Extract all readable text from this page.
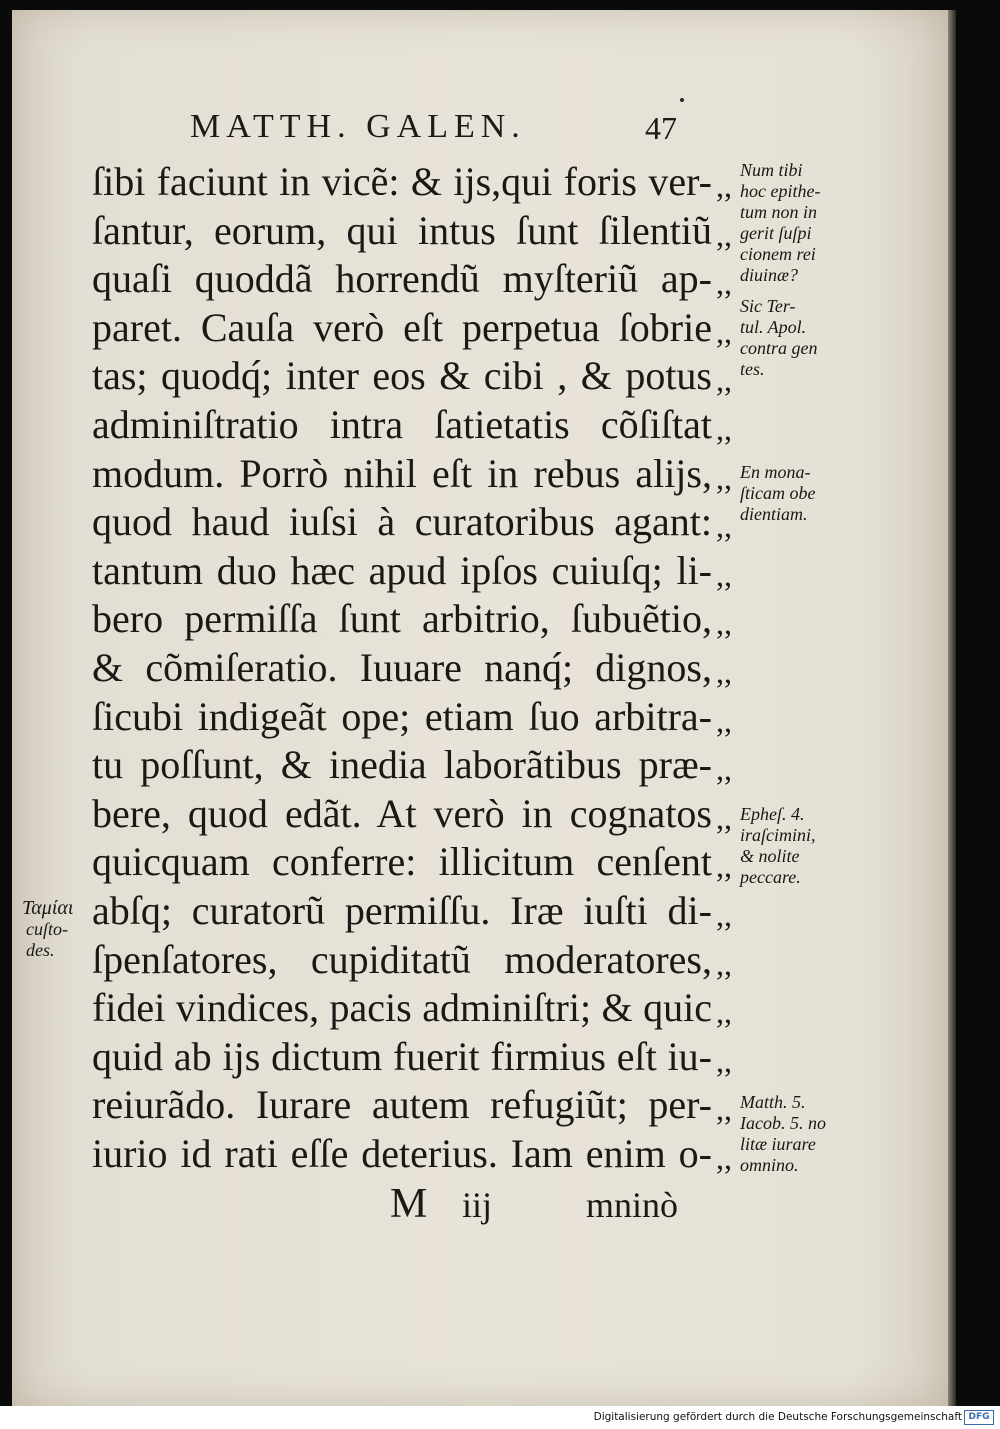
MATTH. GALEN.	47
ſibi faciunt in vicẽ: & ijs,qui foris ver-
ſantur, eorum, qui intus ſunt ſilentiũ
quaſi quoddã horrendũ myſteriũ ap-
paret. Cauſa verò eſt perpetua ſobrie
tas; quodq́; inter eos & cibi , & potus
adminiſtratio intra ſatietatis cõſiſtat
modum. Porrò nihil eſt in rebus alijs,
quod haud iuſsi à curatoribus agant:
tantum duo hæc apud ipſos cuiuſq; li-
bero permiſſa ſunt arbitrio, ſubuẽtio,
& cõmiſeratio. Iuuare nanq́; dignos,
ſicubi indigeãt ope; etiam ſuo arbitra-
tu poſſunt, & inedia laborãtibus præ-
bere, quod edãt. At verò in cognatos
quicquam conferre: illicitum cenſent
abſq; curatorũ permiſſu. Iræ iuſti di-
ſpenſatores, cupiditatũ moderatores,
fidei vindices, pacis adminiſtri; & quic
quid ab ijs dictum fuerit firmius eſt iu-
reiurãdo. Iurare autem refugiũt; per-
iurio id rati eſſe deterius. Iam enim o-
,,
,,
,,
,,
,,
,,
,,
,,
,,
,,
,,
,,
,,
,,
,,
,,
,,
,,
,,
,,
,,
Num tibi
hoc epithe-
tum non in
gerit ſuſpi
cionem rei
diuinæ?
Sic Ter-
tul. Apol.
contra gen
tes.
En mona-
ſticam obe
dientiam.
Epheſ. 4.
iraſcimini,
& nolite
peccare.
Matth. 5.
Iacob. 5. no
litæ iurare
omnino.
Ταμίαι
cuſto-
des.
M iij	mninò
Digitalisierung gefördert durch die Deutsche Forschungsgemeinschaft DFG
